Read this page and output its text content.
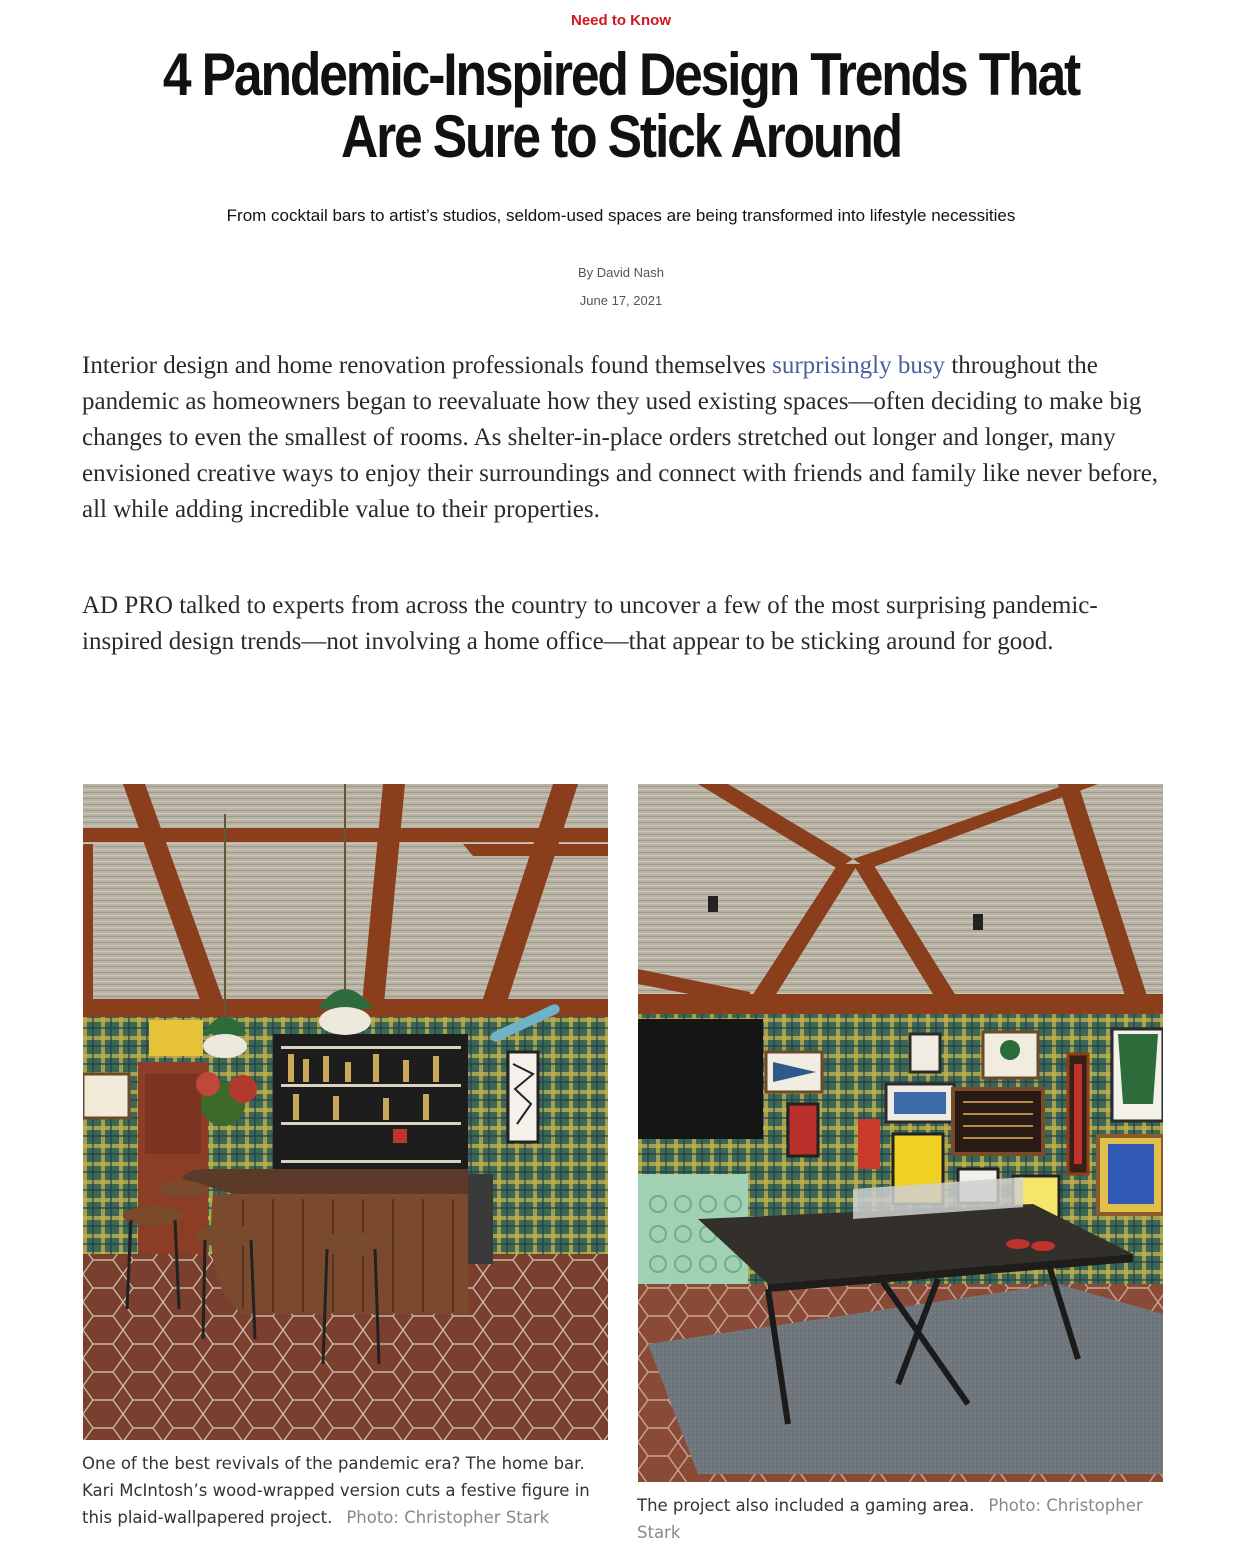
Need to Know
4 Pandemic-Inspired Design Trends That Are Sure to Stick Around
From cocktail bars to artist’s studios, seldom-used spaces are being transformed into lifestyle necessities
By David Nash
June 17, 2021

Interior design and home renovation professionals found themselves surprisingly busy throughout the pandemic as homeowners began to reevaluate how they used existing spaces—often deciding to make big changes to even the smallest of rooms. As shelter-in-place orders stretched out longer and longer, many envisioned creative ways to enjoy their surroundings and connect with friends and family like never before, all while adding incredible value to their properties.

AD PRO talked to experts from across the country to uncover a few of the most surprising pandemic-inspired design trends—not involving a home office—that appear to be sticking around for good.

One of the best revivals of the pandemic era? The home bar. Kari McIntosh’s wood-wrapped version cuts a festive figure in this plaid-wallpapered project. Photo: Christopher Stark

The project also included a gaming area. Photo: Christopher Stark
